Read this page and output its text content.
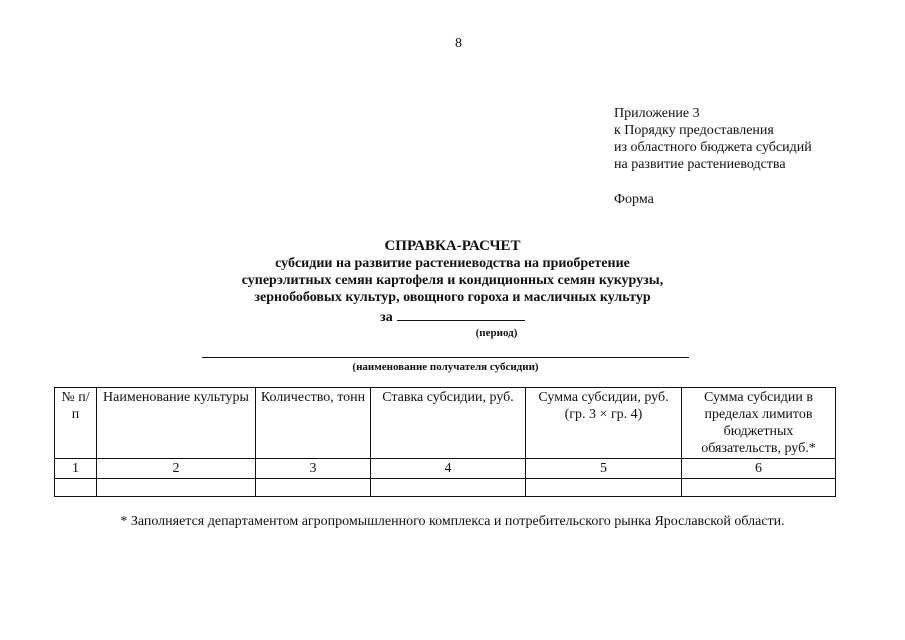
8
Приложение 3
к Порядку предоставления
из областного бюджета субсидий
на развитие растениеводства
Форма
СПРАВКА-РАСЧЕТ
субсидии на развитие растениеводства на приобретение
суперэлитных семян картофеля и кондиционных семян кукурузы,
зернобобовых культур, овощного гороха и масличных культур
за
(период)
(наименование получателя субсидии)
№ п/п	Наименование культуры	Количество, тонн	Ставка субсидии, руб.	Сумма субсидии, руб. (гр. 3 × гр. 4)	Сумма субсидии в пределах лимитов бюджетных обязательств, руб.*
1	2	3	4	5	6

* Заполняется департаментом агропромышленного комплекса и потребительского рынка Ярославской области.
